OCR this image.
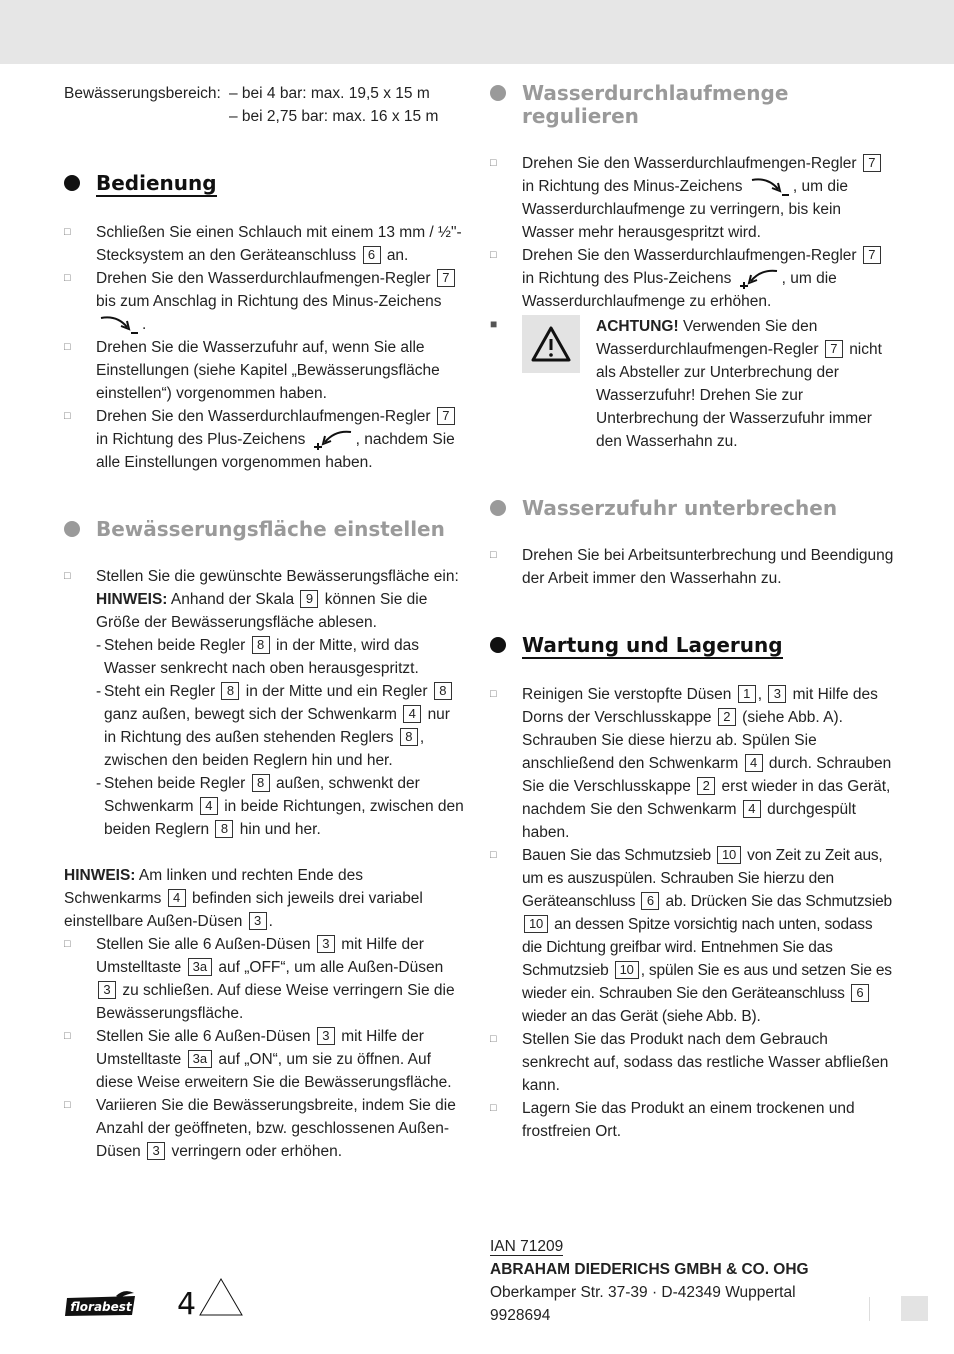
Bewässerungsbereich: – bei 4 bar: max. 19,5 x 15 m
– bei 2,75 bar: max. 16 x 15 m
Bedienung
□	Schließen Sie einen Schlauch mit einem 13 mm / ½"-
Stecksystem an den Geräteanschluss 6 an.
□	Drehen Sie den Wasserdurchlaufmengen-Regler 7 bis zum Anschlag in Richtung des Minus-Zeichens
.
□	Drehen Sie die Wasserzufuhr auf, wenn Sie alle Einstellungen (siehe Kapitel „Bewässerungsfläche einstellen“) vorgenommen haben.
□	Drehen Sie den Wasserdurchlaufmengen-Regler 7 in Richtung des Plus-Zeichens	, nachdem Sie alle Einstellungen vorgenommen haben.
Bewässerungsfläche einstellen
□	Stellen Sie die gewünschte Bewässerungsfläche ein:
HINWEIS: Anhand der Skala 9 können Sie die Größe der Bewässerungsfläche ablesen.
- Stehen beide Regler 8 in der Mitte, wird das Wasser senkrecht nach oben herausgespritzt.
- Steht ein Regler 8 in der Mitte und ein Regler 8 ganz außen, bewegt sich der Schwenkarm 4 nur in Richtung des außen stehenden Reglers 8 , zwischen den beiden Reglern hin und her.
- Stehen beide Regler 8 außen, schwenkt der Schwenkarm 4 in beide Richtungen, zwischen den beiden Reglern 8 hin und her.

HINWEIS: Am linken und rechten Ende des Schwenkarms 4 befinden sich jeweils drei variabel einstellbare Außen-Düsen 3 .

□	Stellen Sie alle 6 Außen-Düsen 3 mit Hilfe der Umstelltaste 3a auf „OFF“, um alle Außen-Düsen 3 zu schließen. Auf diese Weise verringern Sie die Bewässerungsfläche.
□	Stellen Sie alle 6 Außen-Düsen 3 mit Hilfe der Umstelltaste 3a auf „ON“, um sie zu öffnen. Auf diese Weise erweitern Sie die Bewässerungsfläche.
□	Variieren Sie die Bewässerungsbreite, indem Sie die Anzahl der geöffneten, bzw. geschlossenen Außen-Düsen 3 verringern oder erhöhen.
Wasserdurchlaufmenge regulieren
□	Drehen Sie den Wasserdurchlaufmengen-Regler 7 in Richtung des Minus-Zeichens	, um die Wasserdurchlaufmenge zu verringern, bis kein Wasser mehr herausgespritzt wird.
□	Drehen Sie den Wasserdurchlaufmengen-Regler 7 in Richtung des Plus-Zeichens	, um die Wasserdurchlaufmenge zu erhöhen.
■	ACHTUNG! Verwenden Sie den Wasserdurchlaufmengen-Regler 7 nicht als Absteller zur Unterbrechung der Wasserzufuhr! Drehen Sie zur Unterbrechung der Wasserzufuhr immer den Wasserhahn zu.
Wasserzufuhr unterbrechen
□	Drehen Sie bei Arbeitsunterbrechung und Beendigung der Arbeit immer den Wasserhahn zu.
Wartung und Lagerung
□	Reinigen Sie verstopfte Düsen 1 , 3 mit Hilfe des Dorns der Verschlusskappe 2 (siehe Abb. A). Schrauben Sie diese hierzu ab. Spülen Sie anschließend den Schwenkarm 4 durch. Schrauben Sie die Verschlusskappe 2 erst wieder in das Gerät, nachdem Sie den Schwenkarm 4 durchgespült haben.
□	Bauen Sie das Schmutzsieb 10 von Zeit zu Zeit aus, um es auszuspülen. Schrauben Sie hierzu den Geräteanschluss 6 ab. Drücken Sie das Schmutzsieb 10 an dessen Spitze vorsichtig nach unten, sodass die Dichtung greifbar wird. Entnehmen Sie das Schmutzsieb 10 , spülen Sie es aus und setzen Sie es wieder ein. Schrauben Sie den Geräteanschluss 6 wieder an das Gerät (siehe Abb. B).
□	Stellen Sie das Produkt nach dem Gebrauch senkrecht auf, sodass das restliche Wasser abfließen kann.
□	Lagern Sie das Produkt an einem trockenen und frostfreien Ort.
IAN 71209
ABRAHAM DIEDERICHS GMBH & CO. OHG
Oberkamper Str. 37-39 · D-42349 Wuppertal
9928694
florabest 4
